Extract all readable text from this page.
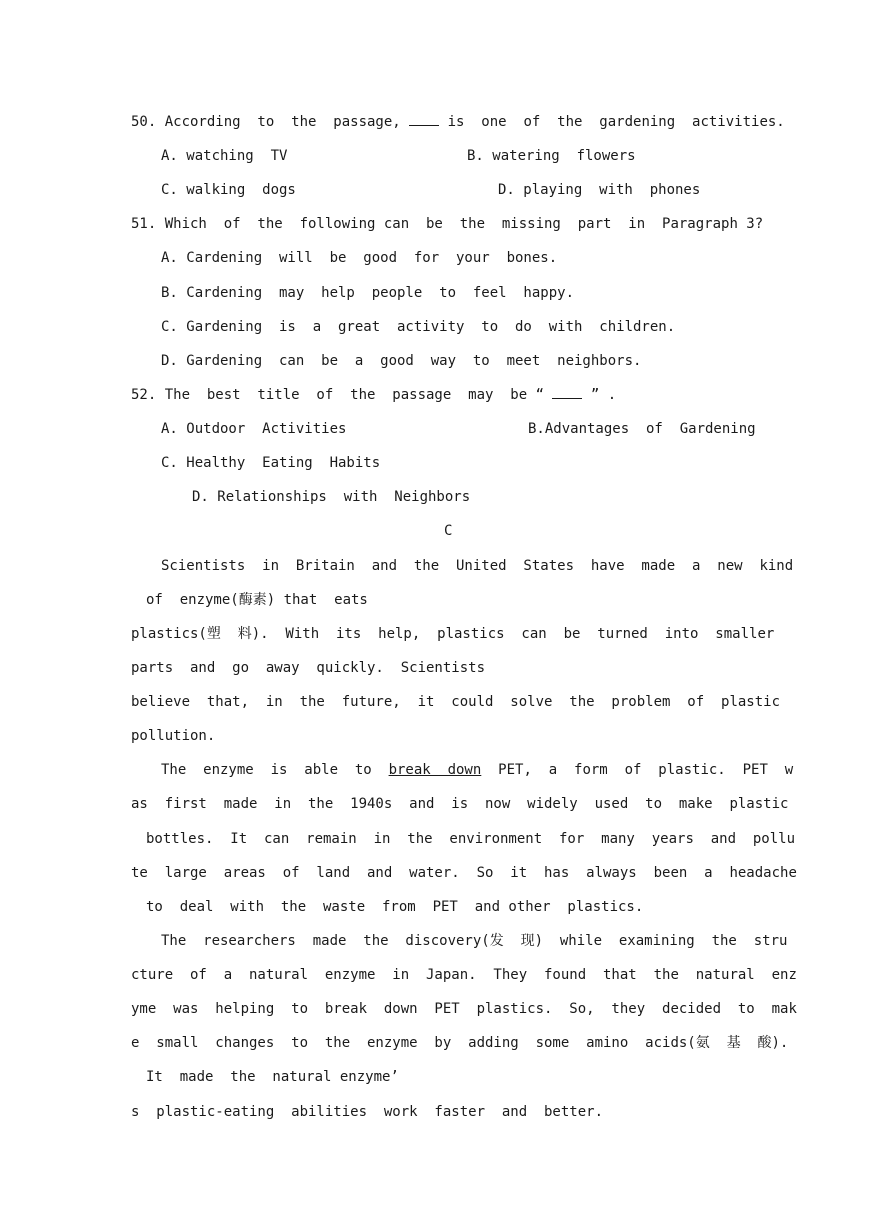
50. According  to  the  passage,  is  one  of  the  gardening  activities.
A. watching  TV	B. watering  flowers
C. walking  dogs	D. playing  with  phones
51. Which  of  the  following can  be  the  missing  part  in  Paragraph 3?
A. Cardening  will  be  good  for  your  bones.
B. Cardening  may  help  people  to  feel  happy.
C. Gardening  is  a  great  activity  to  do  with  children.
D. Gardening  can  be  a  good  way  to  meet  neighbors.
52. The  best  title  of  the  passage  may  be “  ” .
A. Outdoor  Activities	B.Advantages  of  Gardening
C. Healthy  Eating  Habits
D. Relationships  with  Neighbors
C
Scientists  in  Britain  and  the  United  States  have  made  a  new  kind
of  enzyme(酶素) that  eats
plastics(塑  料).  With  its  help,  plastics  can  be  turned  into  smaller
parts  and  go  away  quickly.  Scientists
believe  that,  in  the  future,  it  could  solve  the  problem  of  plastic
pollution.
The  enzyme  is  able  to  break  down  PET,  a  form  of  plastic.  PET  w
as  first  made  in  the  1940s  and  is  now  widely  used  to  make  plastic
bottles.  It  can  remain  in  the  environment  for  many  years  and  pollu
te  large  areas  of  land  and  water.  So  it  has  always  been  a  headache
to  deal  with  the  waste  from  PET  and other  plastics.
The  researchers  made  the  discovery(发  现)  while  examining  the  stru
cture  of  a  natural  enzyme  in  Japan.  They  found  that  the  natural  enz
yme  was  helping  to  break  down  PET  plastics.  So,  they  decided  to  mak
e  small  changes  to  the  enzyme  by  adding  some  amino  acids(氨  基  酸).
It  made  the  natural enzyme’
s  plastic-eating  abilities  work  faster  and  better.
